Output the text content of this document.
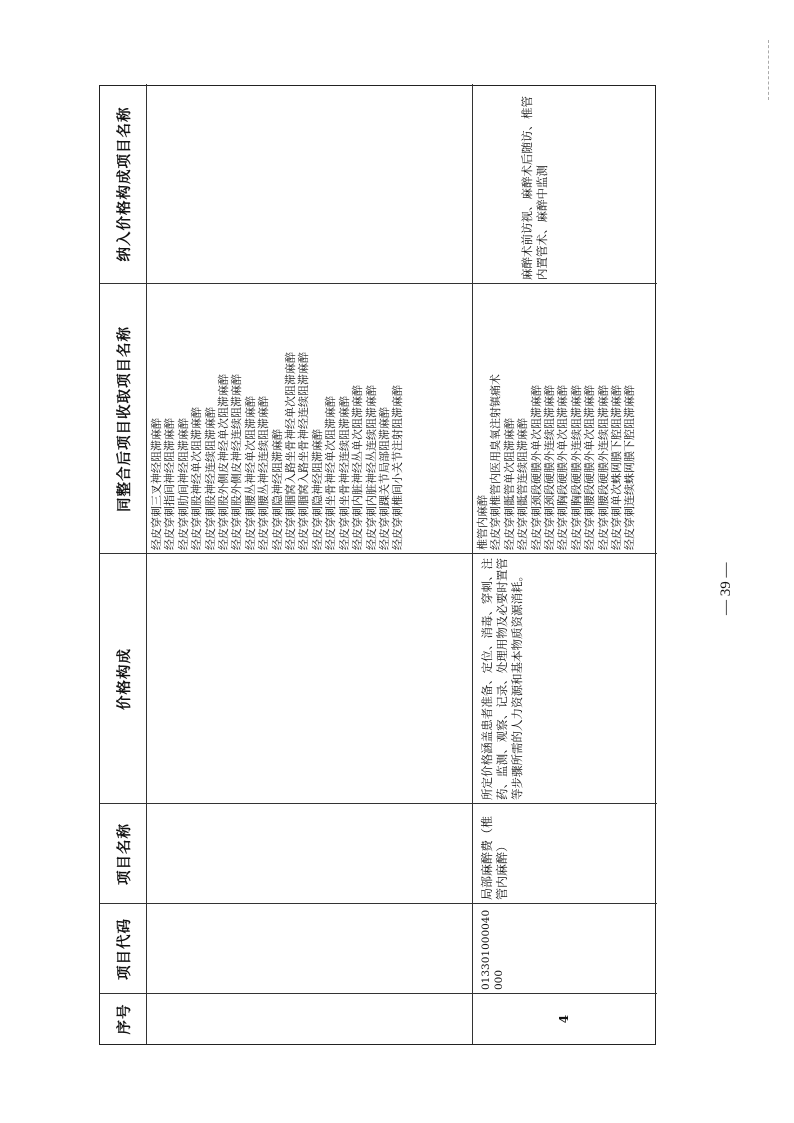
— 39 —
序号
项目代码
项目名称
价格构成
同整合后项目收取项目名称
纳入价格构成项目名称
经皮穿刺三叉神经阻滞麻醉 经皮穿刺指间神经阻滞麻醉 经皮穿刺肋间神经阻滞麻醉 经皮穿刺股神经单次阻滞麻醉 经皮穿刺股神经连续阻滞麻醉 经皮穿刺股外侧皮神经单次阻滞麻醉 经皮穿刺股外侧皮神经连续阻滞麻醉 经皮穿刺腰丛神经单次阻滞麻醉 经皮穿刺腰丛神经连续阻滞麻醉 经皮穿刺隐神经阻滞麻醉 经皮穿刺腘窝入路坐骨神经单次阻滞麻醉 经皮穿刺腘窝入路坐骨神经连续阻滞麻醉 经皮穿刺隐神经阻滞麻醉 经皮穿刺坐骨神经单次阻滞麻醉 经皮穿刺坐骨神经连续阻滞麻醉 经皮穿刺内脏神经丛单次阻滞麻醉 经皮穿刺内脏神经丛连续阻滞麻醉 经皮穿刺踝关节局部阻滞麻醉 经皮穿刺椎间小关节注射阻滞麻醉
4
013301000040000
局部麻醉费（椎管内麻醉）
所定价格涵盖患者准备、定位、消毒、穿刺、注药、监测、观察、记录、处理用物及必要时置管等步骤所需的人力资源和基本物质资源消耗。
椎管内麻醉 经皮穿刺椎管内医用臭氧注射镇痛术 经皮穿刺骶管单次阻滞麻醉 经皮穿刺骶管连续阻滞麻醉 经皮穿刺颈段硬膜外单次阻滞麻醉 经皮穿刺颈段硬膜外连续阻滞麻醉 经皮穿刺胸段硬膜外单次阻滞麻醉 经皮穿刺胸段硬膜外连续阻滞麻醉 经皮穿刺腰段硬膜外单次阻滞麻醉 经皮穿刺腰段硬膜外连续阻滞麻醉 经皮穿刺单次蛛网膜下腔阻滞麻醉 经皮穿刺连续蛛网膜下腔阻滞麻醉
麻醉术前访视、麻醉术后随访、椎管内置管术、麻醉中监测
